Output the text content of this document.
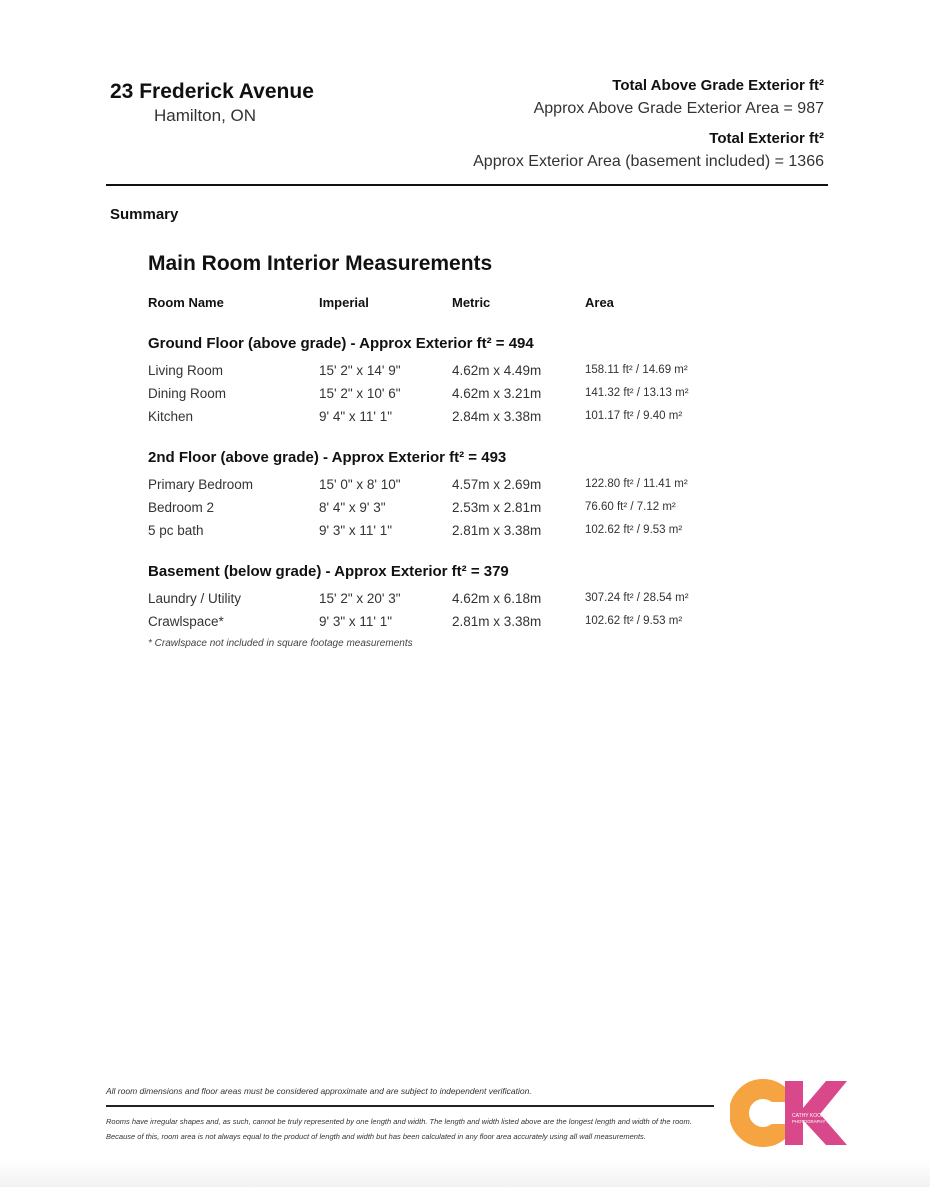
23 Frederick Avenue
Hamilton, ON
Total Above Grade Exterior ft²
Approx Above Grade Exterior Area = 987
Total Exterior ft²
Approx Exterior Area (basement included) = 1366
Summary
Main Room Interior Measurements
Room Name	Imperial	Metric	Area
Ground Floor (above grade) - Approx Exterior ft² = 494
Living Room	15' 2" x 14' 9"	4.62m x 4.49m	158.11 ft² / 14.69 m²
Dining Room	15' 2" x 10' 6"	4.62m x 3.21m	141.32 ft² / 13.13 m²
Kitchen	9' 4" x 11' 1"	2.84m x 3.38m	101.17 ft² / 9.40 m²
2nd Floor (above grade) - Approx Exterior ft² = 493
Primary Bedroom	15' 0" x 8' 10"	4.57m x 2.69m	122.80 ft² / 11.41 m²
Bedroom 2	8' 4" x 9' 3"	2.53m x 2.81m	76.60 ft² / 7.12 m²
5 pc bath	9' 3" x 11' 1"	2.81m x 3.38m	102.62 ft² / 9.53 m²
Basement (below grade) - Approx Exterior ft² = 379
Laundry / Utility	15' 2" x 20' 3"	4.62m x 6.18m	307.24 ft² / 28.54 m²
Crawlspace*	9' 3" x 11' 1"	2.81m x 3.38m	102.62 ft² / 9.53 m²
* Crawlspace not included in square footage measurements
All room dimensions and floor areas must be considered approximate and are subject to independent verification.
Rooms have irregular shapes and, as such, cannot be truly represented by one length and width. The length and width listed above are the longest length and width of the room.
Because of this, room area is not always equal to the product of length and width but has been calculated in any floor area accurately using all wall measurements.
CATHY KOOP
PHOTOGRAPHY
